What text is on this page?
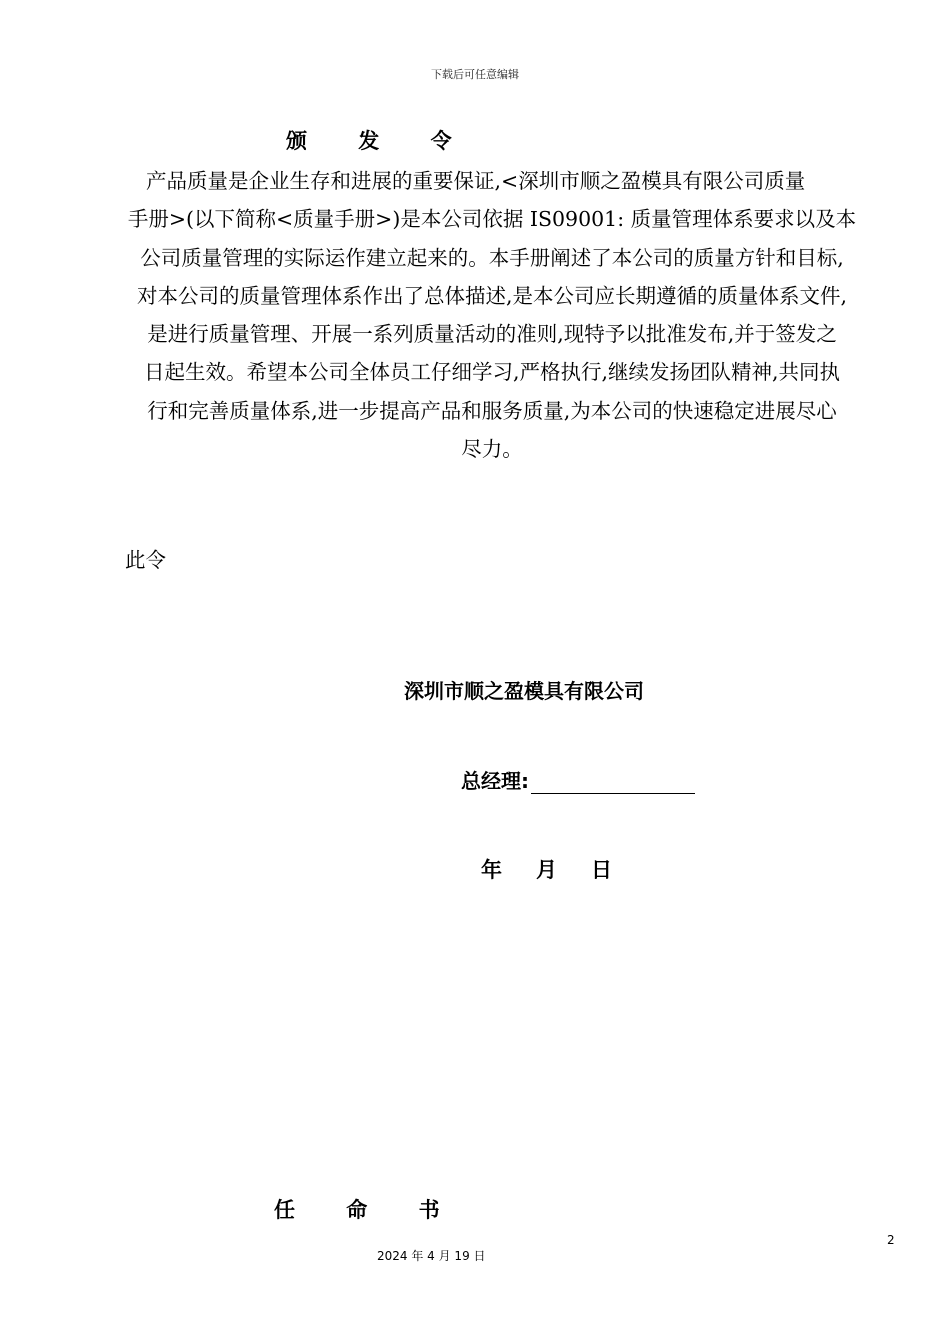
下载后可任意编辑
颁 发 令
产品质量是企业生存和进展的重要保证,<深圳市顺之盈模具有限公司质量
手册>(以下简称<质量手册>)是本公司依据 IS09001: 质量管理体系要求以及本
公司质量管理的实际运作建立起来的。本手册阐述了本公司的质量方针和目标,
对本公司的质量管理体系作出了总体描述,是本公司应长期遵循的质量体系文件,
是进行质量管理、开展一系列质量活动的准则,现特予以批准发布,并于签发之
日起生效。希望本公司全体员工仔细学习,严格执行,继续发扬团队精神,共同执
行和完善质量体系,进一步提高产品和服务质量,为本公司的快速稳定进展尽心
尽力。
此令
深圳市顺之盈模具有限公司
总经理:
年 月 日
任 命 书
2
2024 年 4 月 19 日
